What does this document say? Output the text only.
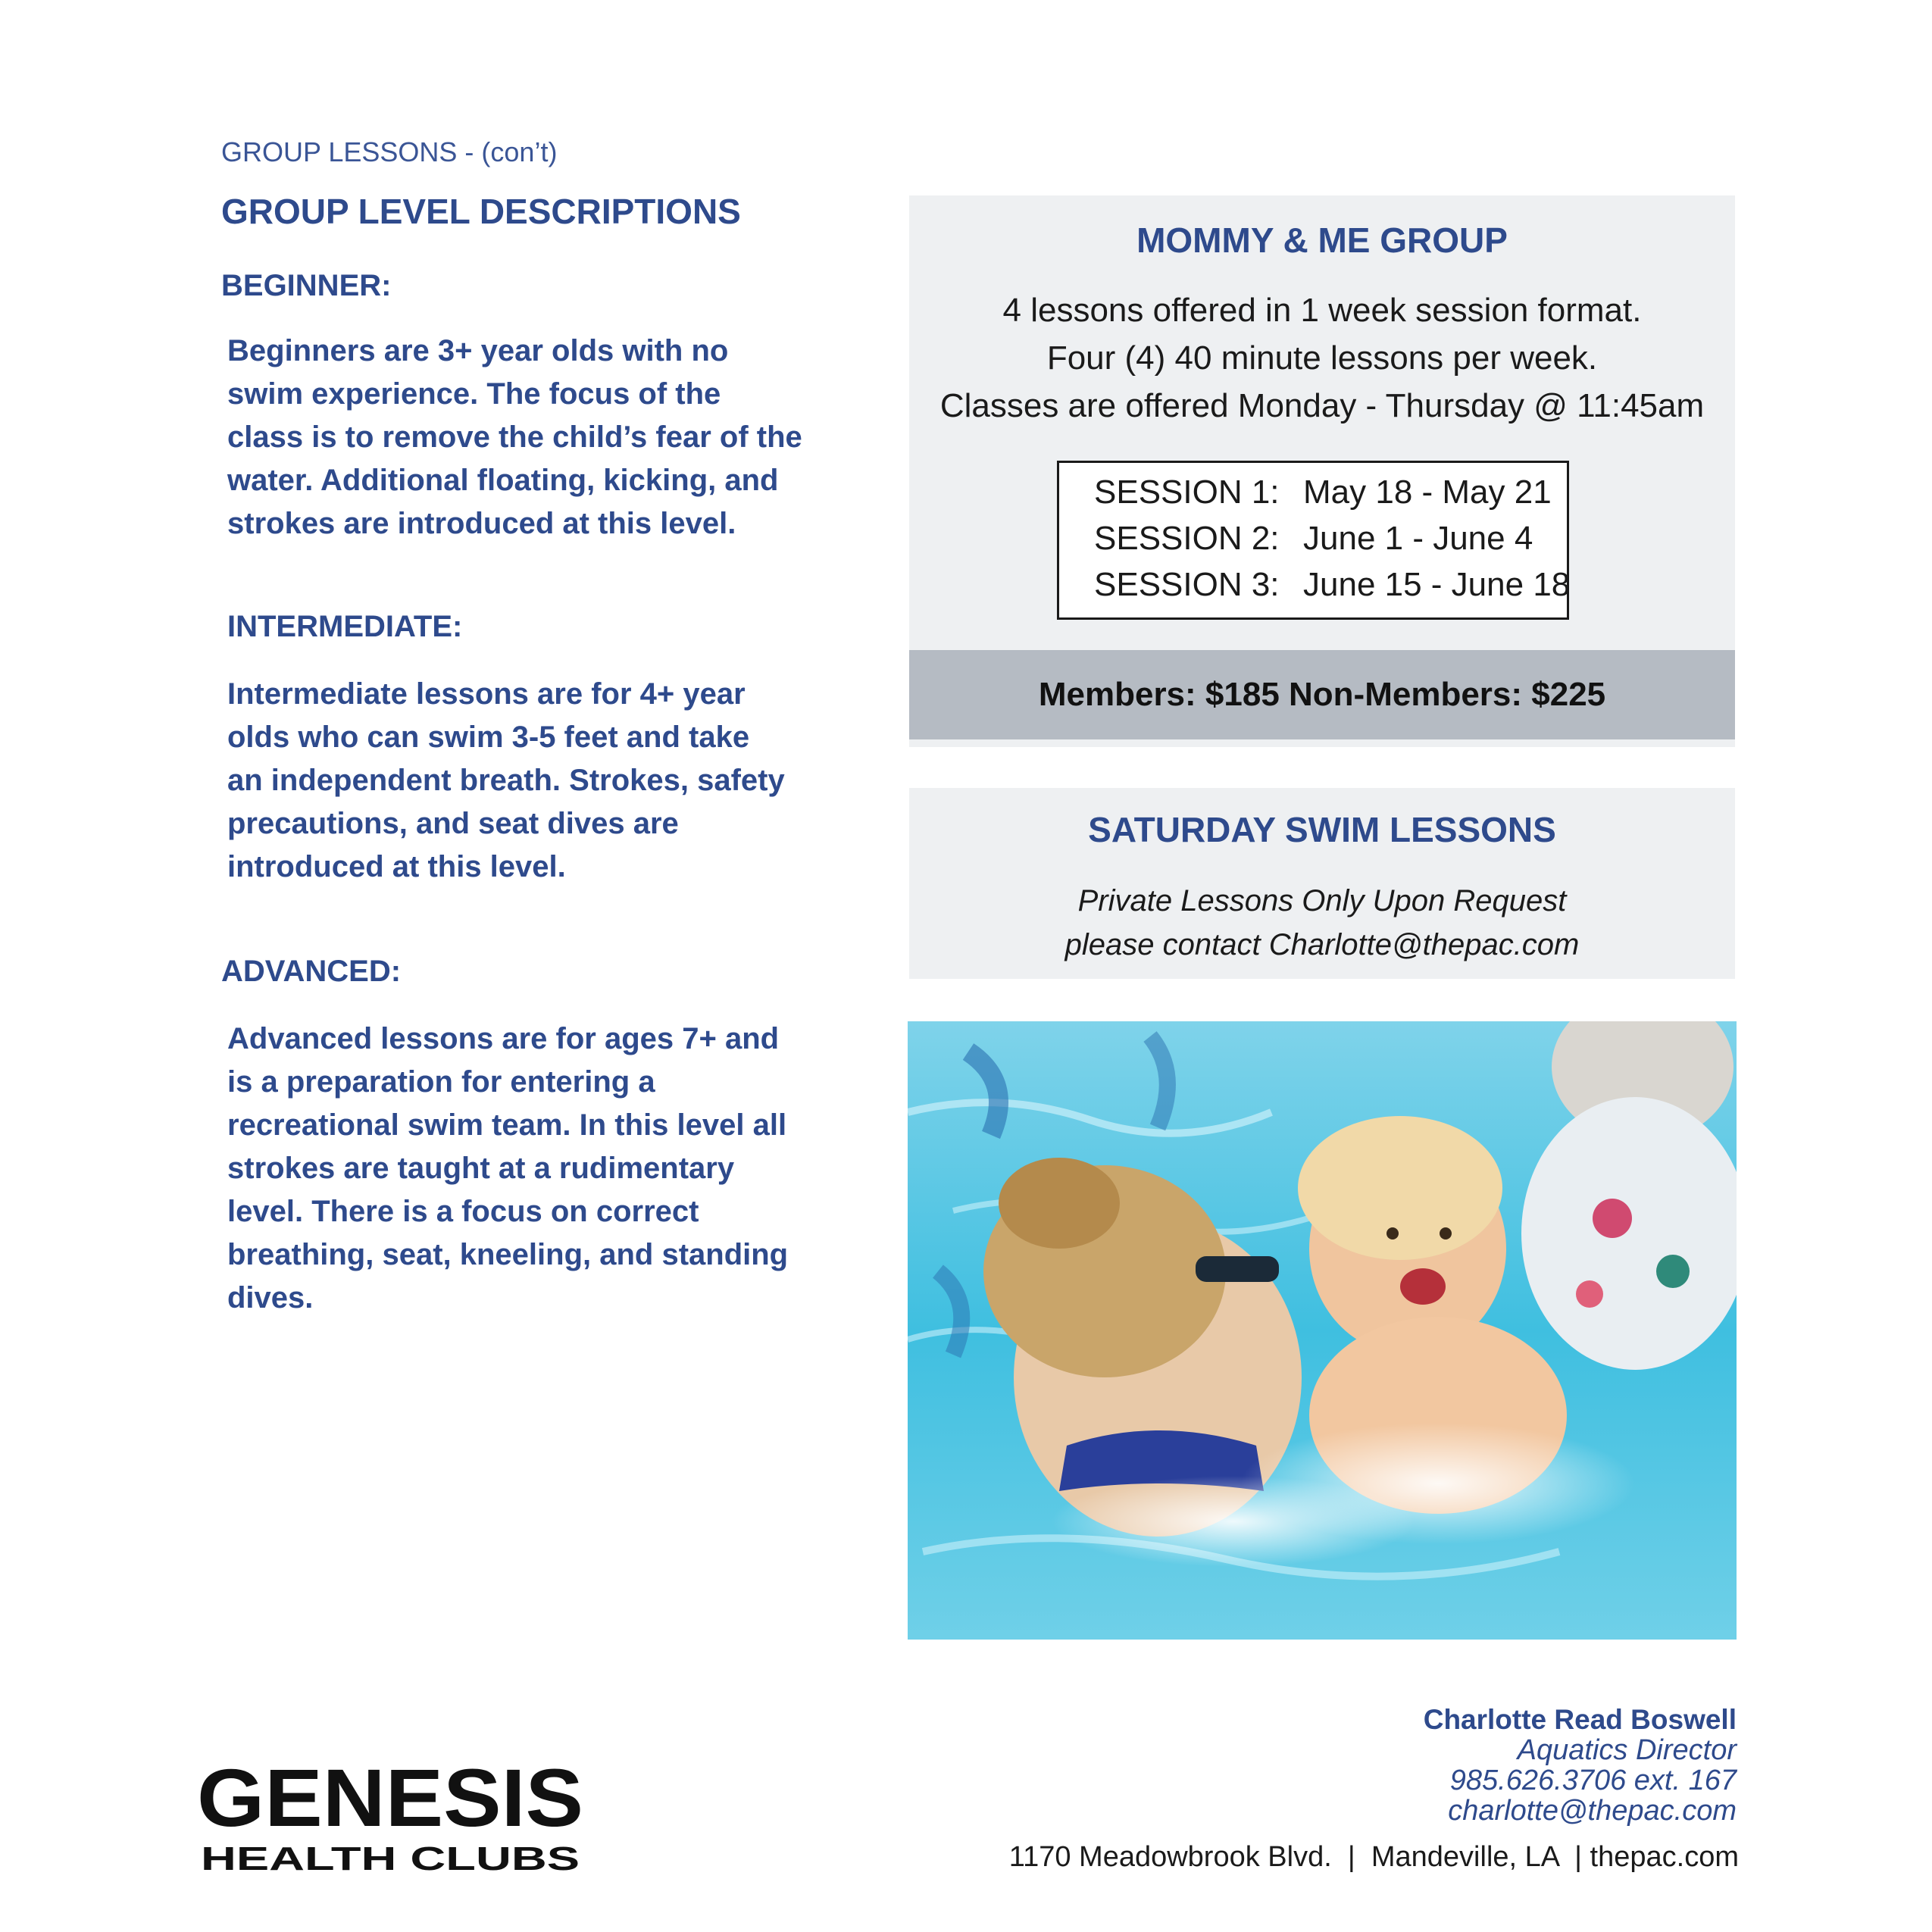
GROUP LESSONS - (con’t)
GROUP LEVEL DESCRIPTIONS
BEGINNER:
Beginners are 3+ year olds with no
swim experience. The focus of the
class is to remove the child’s fear of the
water. Additional floating, kicking, and
strokes are introduced at this level.
INTERMEDIATE:
Intermediate lessons are for 4+ year
olds who can swim 3-5 feet and take
an independent breath. Strokes, safety
precautions, and seat dives are
introduced at this level.
ADVANCED:
Advanced lessons are for ages 7+ and
is a preparation for entering a
recreational swim team. In this level all
strokes are taught at a rudimentary
level. There is a focus on correct
breathing, seat, kneeling, and standing
dives.
MOMMY & ME GROUP
4 lessons offered in 1 week session format.
Four (4) 40 minute lessons per week.
Classes are offered Monday - Thursday @ 11:45am
SESSION 1: May 18 - May 21
SESSION 2: June 1 - June 4
SESSION 3: June 15 - June 18
Members: $185 Non-Members: $225
SATURDAY SWIM LESSONS
Private Lessons Only Upon Request
please contact Charlotte@thepac.com
GENESIS
HEALTH CLUBS
Charlotte Read Boswell
Aquatics Director
985.626.3706 ext. 167
charlotte@thepac.com
1170 Meadowbrook Blvd.  |  Mandeville, LA  | thepac.com
